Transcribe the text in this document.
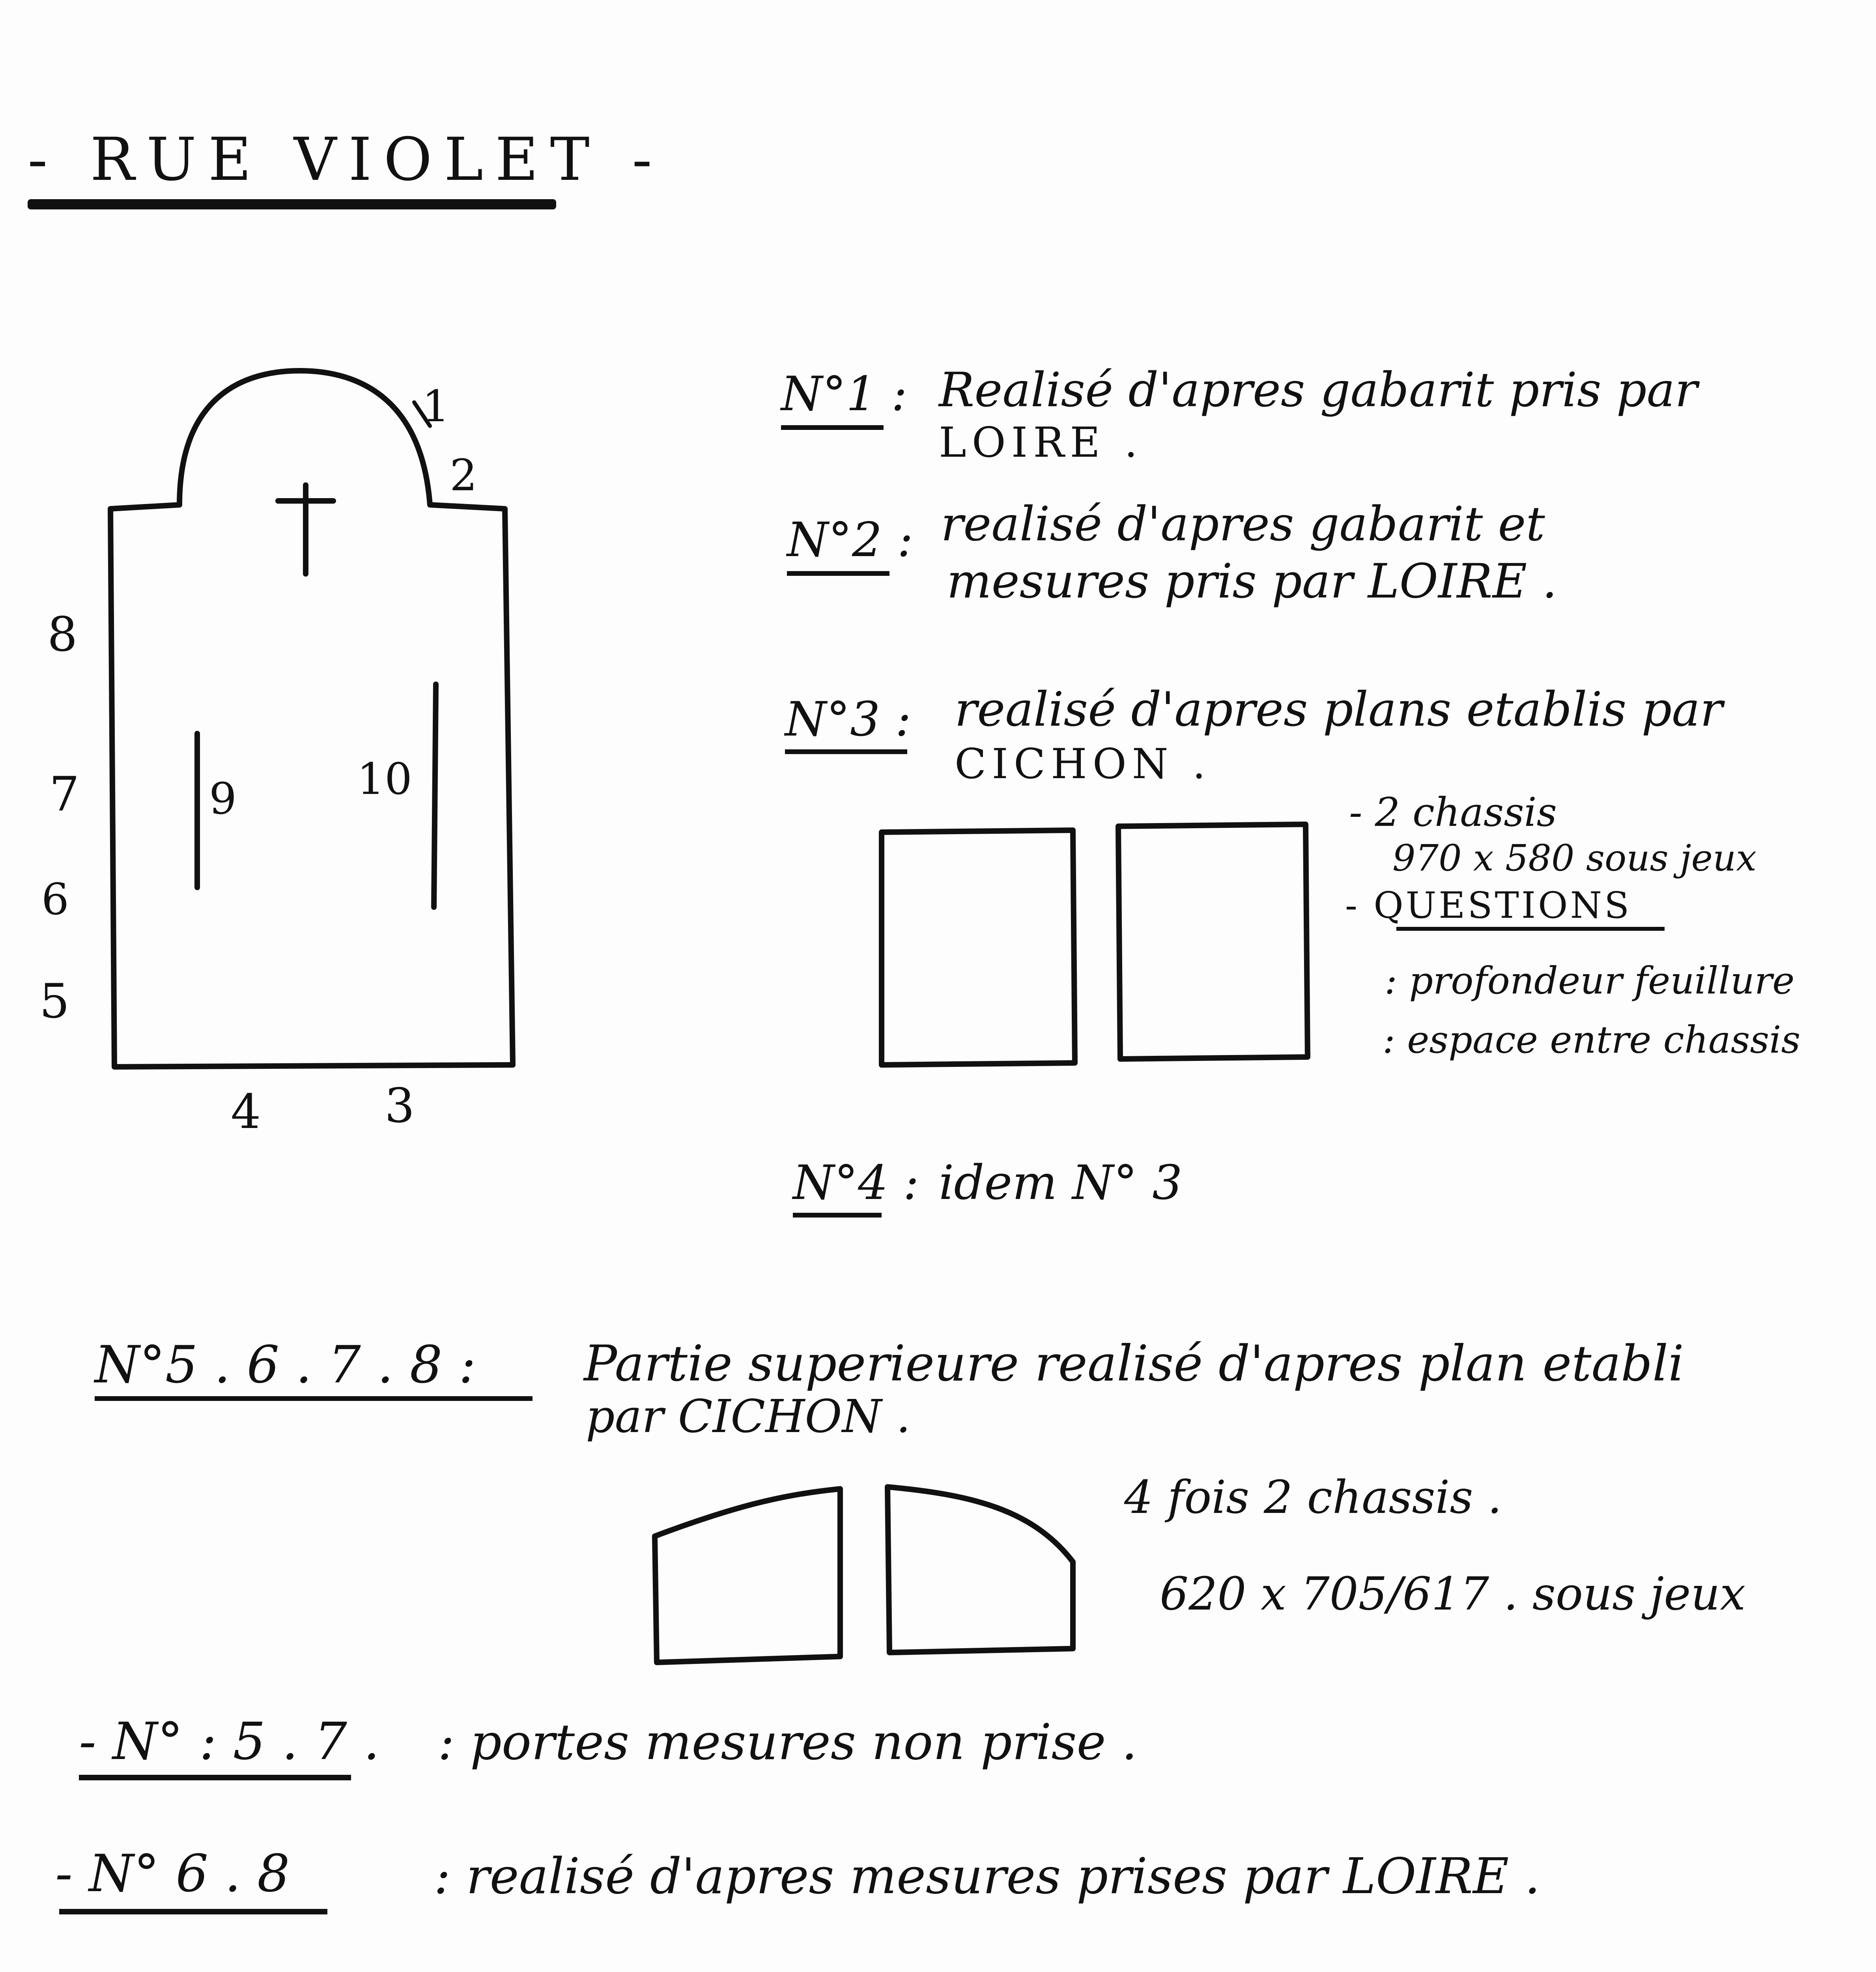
- RUE VIOLET -
1
2
8
7
6
5
9	10
4	3
N°1 : Realisé d'apres gabarit pris par
LOIRE .
N°2 : realisé d'apres gabarit et
mesures pris par LOIRE .
N°3 : realisé d'apres plans etablis par
CICHON .
- 2 chassis
970 x 580 sous jeux
- QUESTIONS
: profondeur feuillure
: espace entre chassis
N°4 : idem N° 3
N°5 . 6 . 7 . 8 : Partie superieure realisé d'apres plan etabli
par CICHON .
4 fois 2 chassis .
620 x 705/617 . sous jeux
- N° : 5 . 7 . : portes mesures non prise .
- N° 6 . 8	: realisé d'apres mesures prises par LOIRE .
